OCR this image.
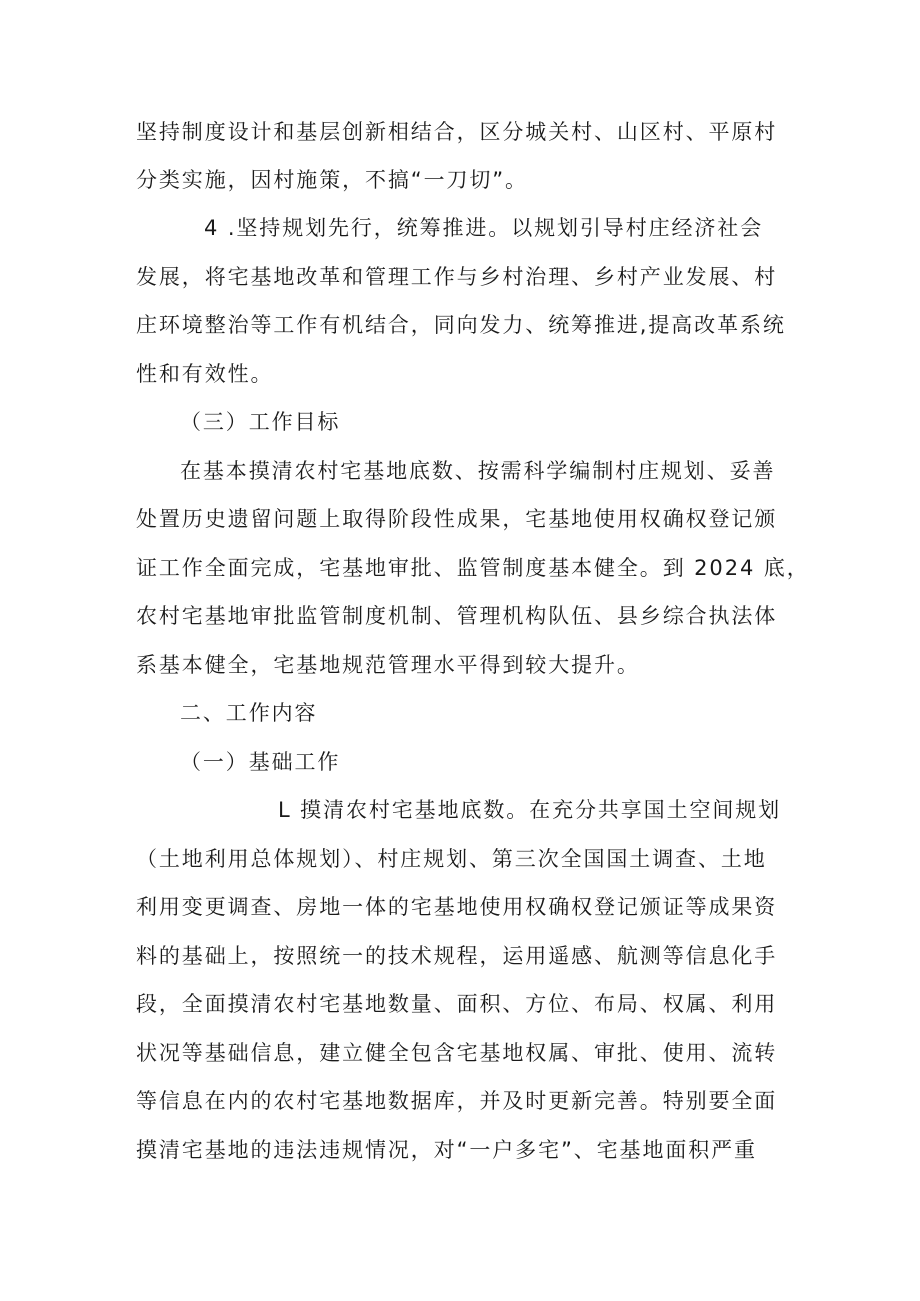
坚持制度设计和基层创新相结合，区分城关村、山区村、平原村
分类实施，因村施策，不搞“一刀切”。
4 .坚持规划先行，统筹推进。以规划引导村庄经济社会
发展，将宅基地改革和管理工作与乡村治理、乡村产业发展、村
庄环境整治等工作有机结合，同向发力、统筹推进,提高改革系统
性和有效性。
（三）工作目标
在基本摸清农村宅基地底数、按需科学编制村庄规划、妥善
处置历史遗留问题上取得阶段性成果，宅基地使用权确权登记颁
证工作全面完成，宅基地审批、监管制度基本健全。到 2024 底，
农村宅基地审批监管制度机制、管理机构队伍、县乡综合执法体
系基本健全，宅基地规范管理水平得到较大提升。
二、工作内容
（一）基础工作
L 摸清农村宅基地底数。在充分共享国土空间规划
（土地利用总体规划）、村庄规划、第三次全国国土调查、土地
利用变更调查、房地一体的宅基地使用权确权登记颁证等成果资
料的基础上，按照统一的技术规程，运用遥感、航测等信息化手
段，全面摸清农村宅基地数量、面积、方位、布局、权属、利用
状况等基础信息，建立健全包含宅基地权属、审批、使用、流转
等信息在内的农村宅基地数据库，并及时更新完善。特别要全面
摸清宅基地的违法违规情况，对“一户多宅”、宅基地面积严重
